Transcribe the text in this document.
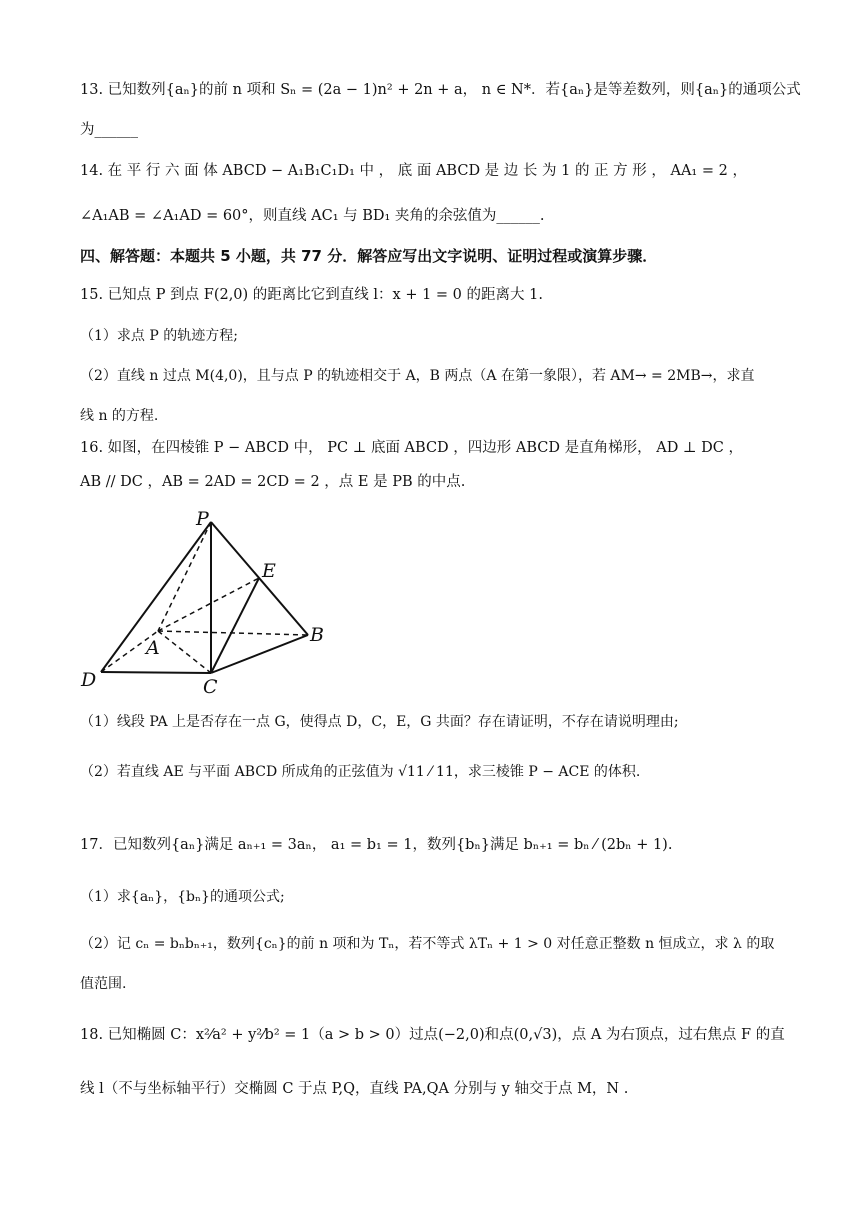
13. 已知数列{aₙ}的前 n 项和 Sₙ = (2a − 1)n² + 2n + a， n ∈ N*．若{aₙ}是等差数列，则{aₙ}的通项公式
为______
14. 在 平 行 六 面 体 ABCD − A₁B₁C₁D₁ 中 ， 底 面 ABCD 是 边 长 为 1 的 正 方 形 ， AA₁ = 2 ，
∠A₁AB = ∠A₁AD = 60°，则直线 AC₁ 与 BD₁ 夹角的余弦值为______.
四、解答题：本题共 5 小题，共 77 分．解答应写出文字说明、证明过程或演算步骤．
15. 已知点 P 到点 F(2,0) 的距离比它到直线 l：x + 1 = 0 的距离大 1.
（1）求点 P 的轨迹方程;
（2）直线 n 过点 M(4,0)，且与点 P 的轨迹相交于 A，B 两点（A 在第一象限），若 AM→ = 2MB→，求直
线 n 的方程.
16. 如图，在四棱锥 P − ABCD 中， PC ⊥ 底面 ABCD ，四边形 ABCD 是直角梯形， AD ⊥ DC ，
AB // DC ，AB = 2AD = 2CD = 2 ，点 E 是 PB 的中点.
P
E
A
B
D	C
（1）线段 PA 上是否存在一点 G，使得点 D，C，E，G 共面？存在请证明，不存在请说明理由;
（2）若直线 AE 与平面 ABCD 所成角的正弦值为 √11 ⁄ 11，求三棱锥 P − ACE 的体积.
17．已知数列{aₙ}满足 aₙ₊₁ = 3aₙ， a₁ = b₁ = 1，数列{bₙ}满足 bₙ₊₁ = bₙ ⁄ (2bₙ + 1).
（1）求{aₙ}，{bₙ}的通项公式;
（2）记 cₙ = bₙbₙ₊₁，数列{cₙ}的前 n 项和为 Tₙ，若不等式 λTₙ + 1 > 0 对任意正整数 n 恒成立，求 λ 的取
值范围.
18. 已知椭圆 C：x²⁄a² + y²⁄b² = 1（a > b > 0）过点(−2,0)和点(0,√3)，点 A 为右顶点，过右焦点 F 的直
线 l（不与坐标轴平行）交椭圆 C 于点 P,Q，直线 PA,QA 分别与 y 轴交于点 M，N .
